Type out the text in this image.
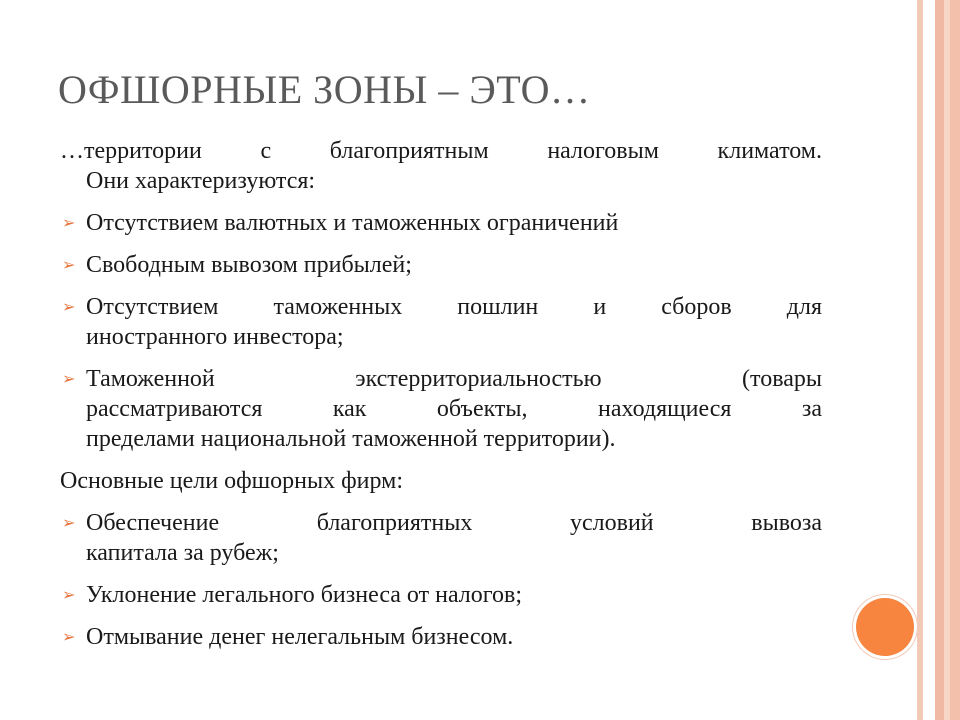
ОФШОРНЫЕ ЗОНЫ – ЭТО…
…территории с благоприятным налоговым климатом.
Они характеризуются:
➢ Отсутствием валютных и таможенных ограничений
➢ Свободным вывозом прибылей;
➢ Отсутствием таможенных пошлин и сборов для
иностранного инвестора;
➢ Таможенной экстерриториальностью (товары
рассматриваются как объекты, находящиеся за
пределами национальной таможенной территории).
Основные цели офшорных фирм:
➢ Обеспечение благоприятных условий вывоза
капитала за рубеж;
➢ Уклонение легального бизнеса от налогов;
➢ Отмывание денег нелегальным бизнесом.
